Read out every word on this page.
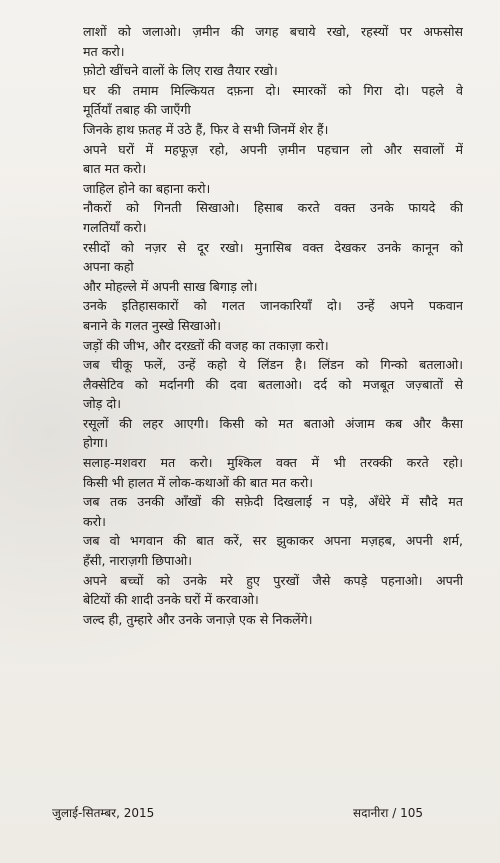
लाशों को जलाओ। ज़मीन की जगह बचाये रखो, रहस्यों पर अफसोस
मत करो।
फ़ोटो खींचने वालों के लिए राख तैयार रखो।
घर की तमाम मिल्कियत दफ़ना दो। स्मारकों को गिरा दो। पहले वे
मूर्तियाँ तबाह की जाएँगी
जिनके हाथ फ़तह में उठे हैं, फिर वे सभी जिनमें शेर हैं।
अपने घरों में महफूज़ रहो, अपनी ज़मीन पहचान लो और सवालों में
बात मत करो।
जाहिल होने का बहाना करो।
नौकरों को गिनती सिखाओ। हिसाब करते वक्त उनके फायदे की
गलतियाँ करो।
रसीदों को नज़र से दूर रखो। मुनासिब वक्त देखकर उनके कानून को
अपना कहो
और मोहल्ले में अपनी साख बिगाड़ लो।
उनके इतिहासकारों को गलत जानकारियाँ दो। उन्हें अपने पकवान
बनाने के गलत नुस्खे सिखाओ।
जड़ों की जीभ, और दरख़्तों की वजह का तकाज़ा करो।
जब चीकू फलें, उन्हें कहो ये लिंडन है। लिंडन को गिन्को बतलाओ।
लैक्सेटिव को मर्दानगी की दवा बतलाओ। दर्द को मजबूत जज़्बातों से
जोड़ दो।
रसूलों की लहर आएगी। किसी को मत बताओ अंजाम कब और कैसा
होगा।
सलाह-मशवरा मत करो। मुश्किल वक्त में भी तरक्की करते रहो।
किसी भी हालत में लोक-कथाओं की बात मत करो।
जब तक उनकी आँखों की सफ़ेदी दिखलाई न पड़े, अँधेरे में सौदे मत
करो।
जब वो भगवान की बात करें, सर झुकाकर अपना मज़हब, अपनी शर्म,
हँसी, नाराज़गी छिपाओ।
अपने बच्चों को उनके मरे हुए पुरखों जैसे कपड़े पहनाओ। अपनी
बेटियों की शादी उनके घरों में करवाओ।
जल्द ही, तुम्हारे और उनके जनाज़े एक से निकलेंगे।
जुलाई-सितम्बर, 2015	सदानीरा / 105
